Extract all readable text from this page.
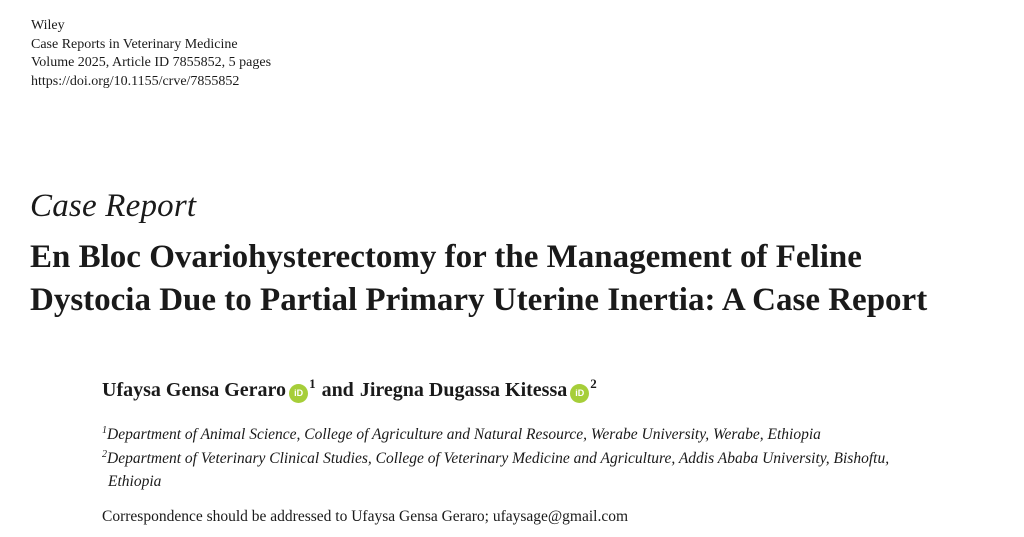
Wiley
Case Reports in Veterinary Medicine
Volume 2025, Article ID 7855852, 5 pages
https://doi.org/10.1155/crve/7855852
Case Report
En Bloc Ovariohysterectomy for the Management of Feline
Dystocia Due to Partial Primary Uterine Inertia: A Case Report
Ufaysa Gensa Geraro iD
1 and Jiregna Dugassa Kitessa iD
2
$^1$Department of Animal Science, College of Agriculture and Natural Resource, Werabe University, Werabe, Ethiopia
$^2$Department of Veterinary Clinical Studies, College of Veterinary Medicine and Agriculture, Addis Ababa University, Bishoftu,
Ethiopia
Correspondence should be addressed to Ufaysa Gensa Geraro; ufaysage@gmail.com
